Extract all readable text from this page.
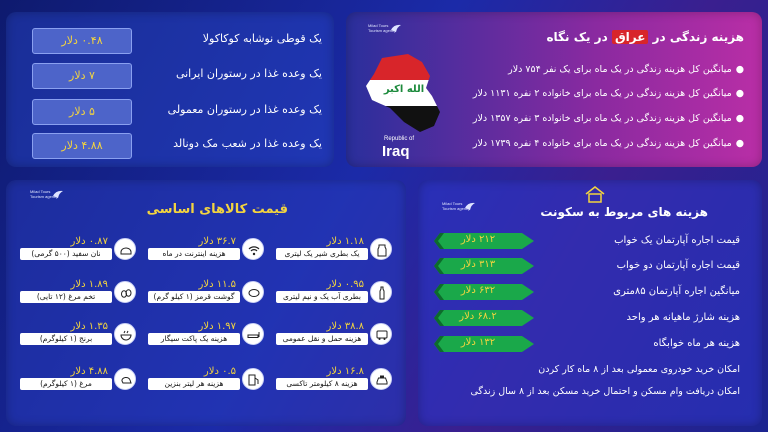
۰.۴۸ دلار	یک قوطی نوشابه کوکاکولا
۷ دلار	یک وعده غذا در رستوران ایرانی
۵ دلار	یک وعده غذا در رستوران معمولی
۴.۸۸ دلار	یک وعده غذا در شعب مک دونالد
Milad Tours
Tourism agency	هزینه زندگی در عراق در یک نگاه
●میانگین کل هزینه زندگی در یک ماه برای یک نفر ۷۵۴ دلار
●میانگین کل هزینه زندگی در یک ماه برای خانواده ۲ نفره ۱۱۳۱ دلار
●میانگین کل هزینه زندگی در یک ماه برای خانواده ۳ نفره ۱۳۵۷ دلار
●میانگین کل هزینه زندگی در یک ماه برای خانواده ۴ نفره ۱۷۳۹ دلار
الله اكبر
Republic of
Iraq
Milad Tours
Tourism agency
قیمت کالاهای اساسی
۱.۱۸ دلار
یک بطری شیر یک لیتری
۳۶.۷ دلار
هزینه اینترنت در ماه
۰.۸۷ دلار
نان سفید (۵۰۰ گرمی)
۰.۹۵ دلار
بطری آب یک و نیم لیتری
۱۱.۵ دلار
گوشت قرمز (۱ کیلو گرم)
۱.۸۹ دلار
تخم مرغ (۱۲ تایی)
۳۸.۸ دلار
هزینه حمل و نقل عمومی
۱.۹۷ دلار
هزینه یک پاکت سیگار
۱.۳۵ دلار
برنج (۱ کیلوگرم)
۱۶.۸ دلار
هزینه ۸ کیلومتر تاکسی
۰.۵ دلار
هزینه هر لیتر بنزین
۴.۸۸ دلار
مرغ (۱ کیلوگرم)
Milad Tours
Tourism agency	هزینه های مربوط به سکونت
۲۱۲ دلار	قیمت اجاره آپارتمان یک خواب
۳۱۳ دلار	قیمت اجاره آپارتمان دو خواب
۶۳۲ دلار	میانگین اجاره آپارتمان ۸۵متری
۶۸.۲ دلار	هزینه شارژ ماهیانه هر واحد
۱۳۲ دلار	هزینه هر ماه خوابگاه
امکان خرید خودروی معمولی بعد از ۸ ماه کار کردن
امکان دریافت وام مسکن و احتمال خرید مسکن بعد از ۸ سال زندگی
